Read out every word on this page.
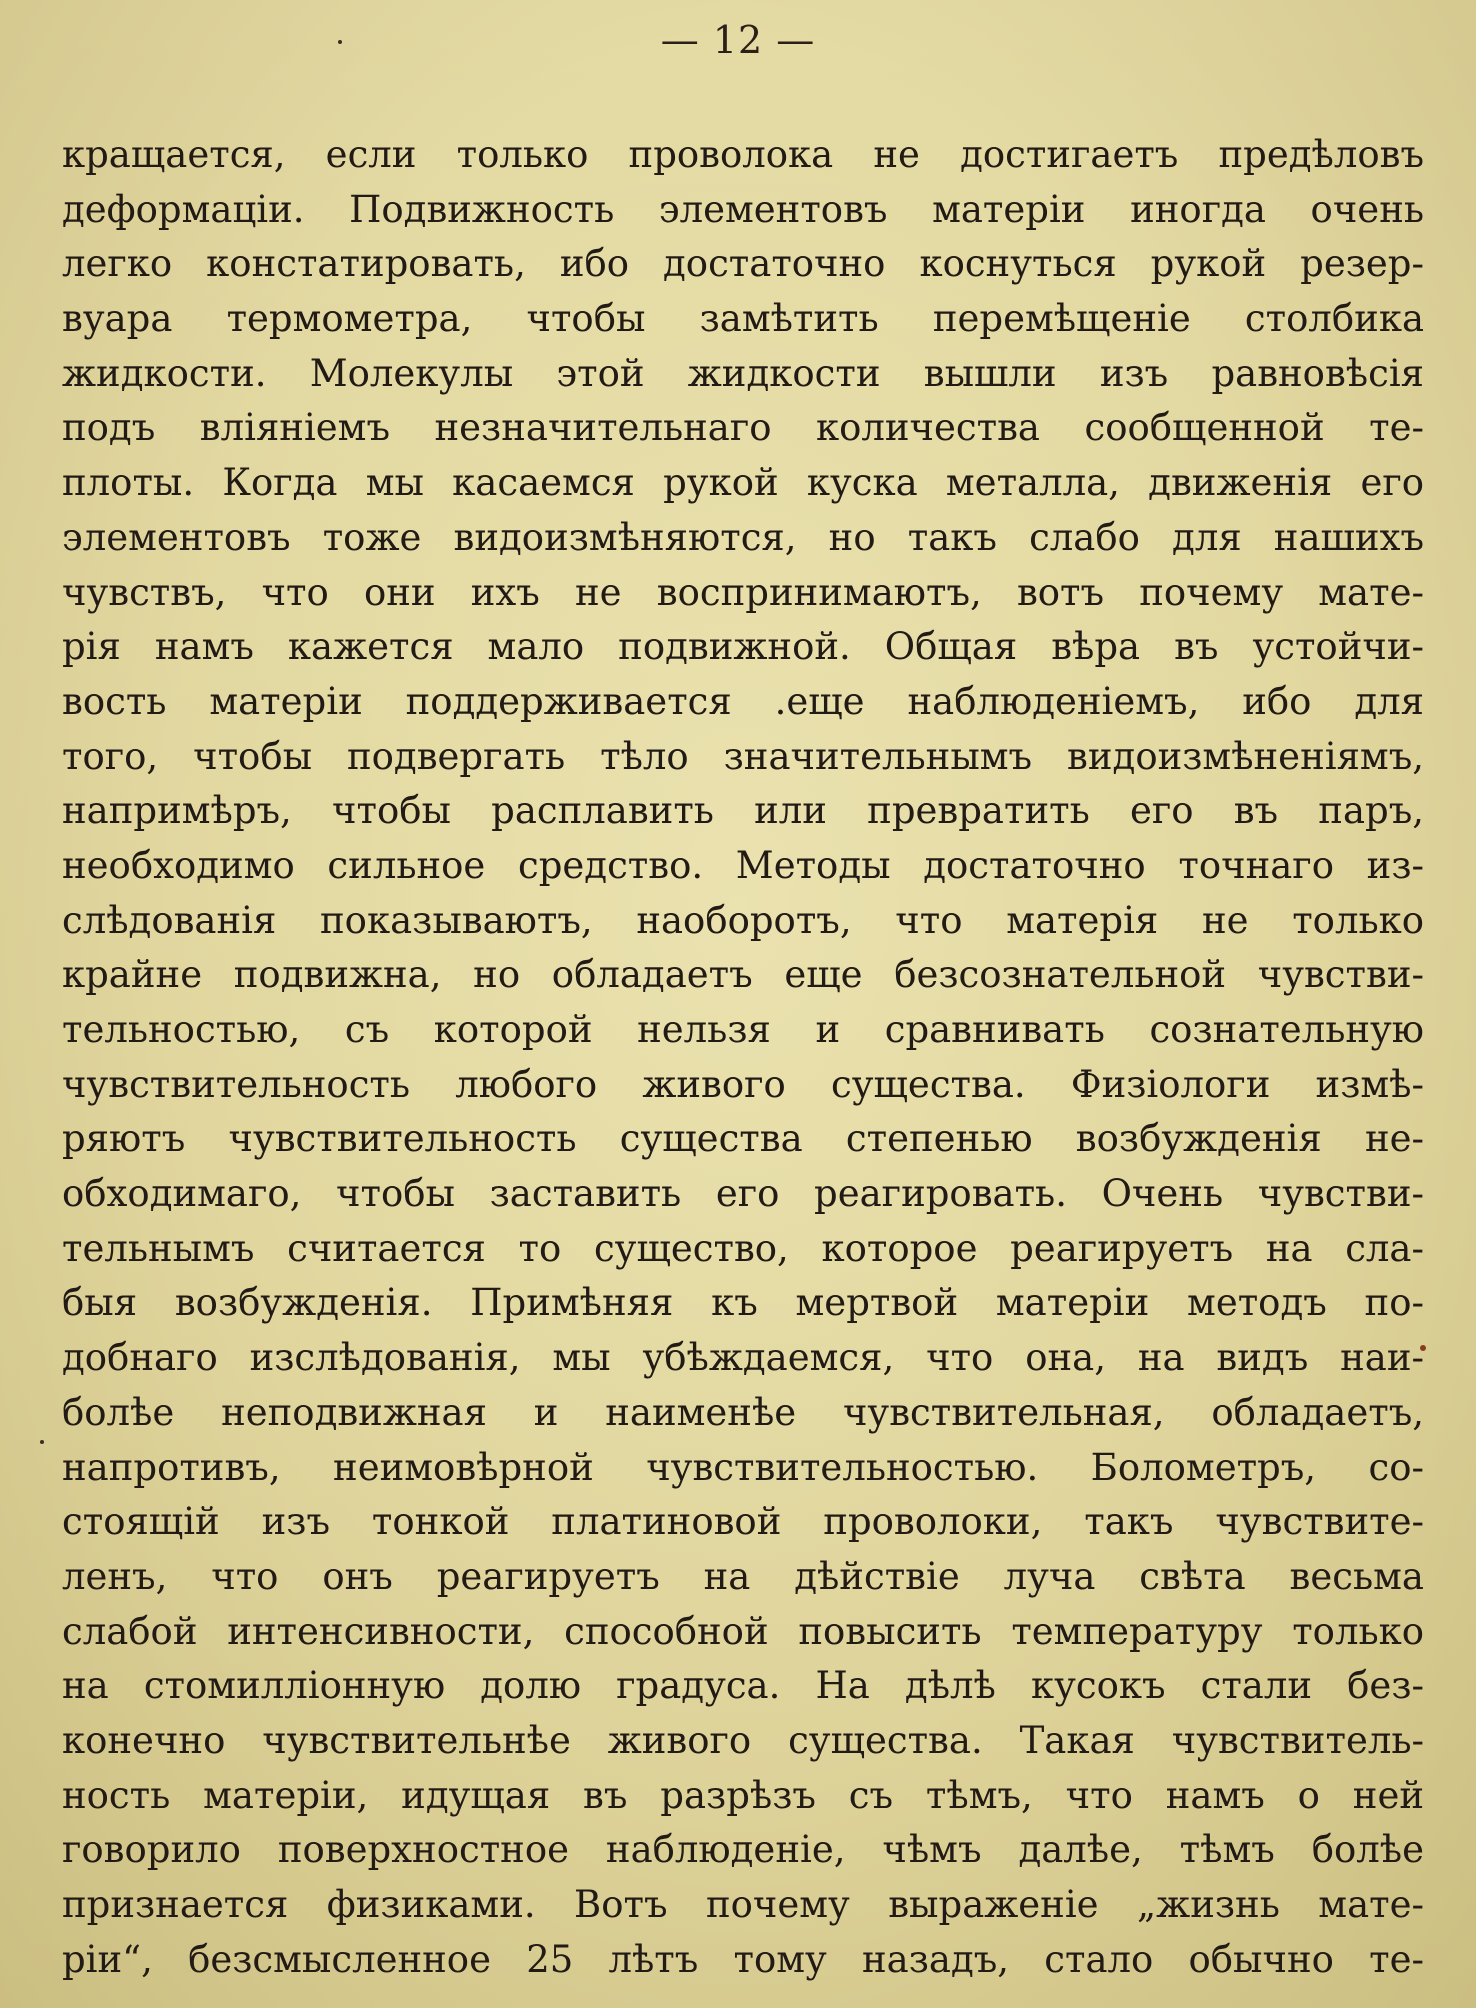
— 12 —
кращается, если только проволока не достигаетъ предѣловъ
деформаціи. Подвижность элементовъ матеріи иногда очень
легко констатировать, ибо достаточно коснуться рукой резер-
вуара термометра, чтобы замѣтить перемѣщеніе столбика
жидкости. Молекулы этой жидкости вышли изъ равновѣсія
подъ вліяніемъ незначительнаго количества сообщенной те-
плоты. Когда мы касаемся рукой куска металла, движенія его
элементовъ тоже видоизмѣняются, но такъ слабо для нашихъ
чувствъ, что они ихъ не воспринимаютъ, вотъ почему мате-
рія намъ кажется мало подвижной. Общая вѣра въ устойчи-
вость матеріи поддерживается .еще наблюденіемъ, ибо для
того, чтобы подвергать тѣло значительнымъ видоизмѣненіямъ,
напримѣръ, чтобы расплавить или превратить его въ паръ,
необходимо сильное средство. Методы достаточно точнаго из-
слѣдованія показываютъ, наоборотъ, что матерія не только
крайне подвижна, но обладаетъ еще безсознательной чувстви-
тельностью, съ которой нельзя и сравнивать сознательную
чувствительность любого живого существа. Физіологи измѣ-
ряютъ чувствительность существа степенью возбужденія не-
обходимаго, чтобы заставить его реагировать. Очень чувстви-
тельнымъ считается то существо, которое реагируетъ на сла-
быя возбужденія. Примѣняя къ мертвой матеріи методъ по-
добнаго изслѣдованія, мы убѣждаемся, что она, на видъ наи-
болѣе неподвижная и наименѣе чувствительная, обладаетъ,
напротивъ, неимовѣрной чувствительностью. Болометръ, со-
стоящій изъ тонкой платиновой проволоки, такъ чувствите-
ленъ, что онъ реагируетъ на дѣйствіе луча свѣта весьма
слабой интенсивности, способной повысить температуру только
на стомилліонную долю градуса. На дѣлѣ кусокъ стали без-
конечно чувствительнѣе живого существа. Такая чувствитель-
ность матеріи, идущая въ разрѣзъ съ тѣмъ, что намъ о ней
говорило поверхностное наблюденіе, чѣмъ далѣе, тѣмъ болѣе
признается физиками. Вотъ почему выраженіе „жизнь мате-
ріи“, безсмысленное 25 лѣтъ тому назадъ, стало обычно те-
